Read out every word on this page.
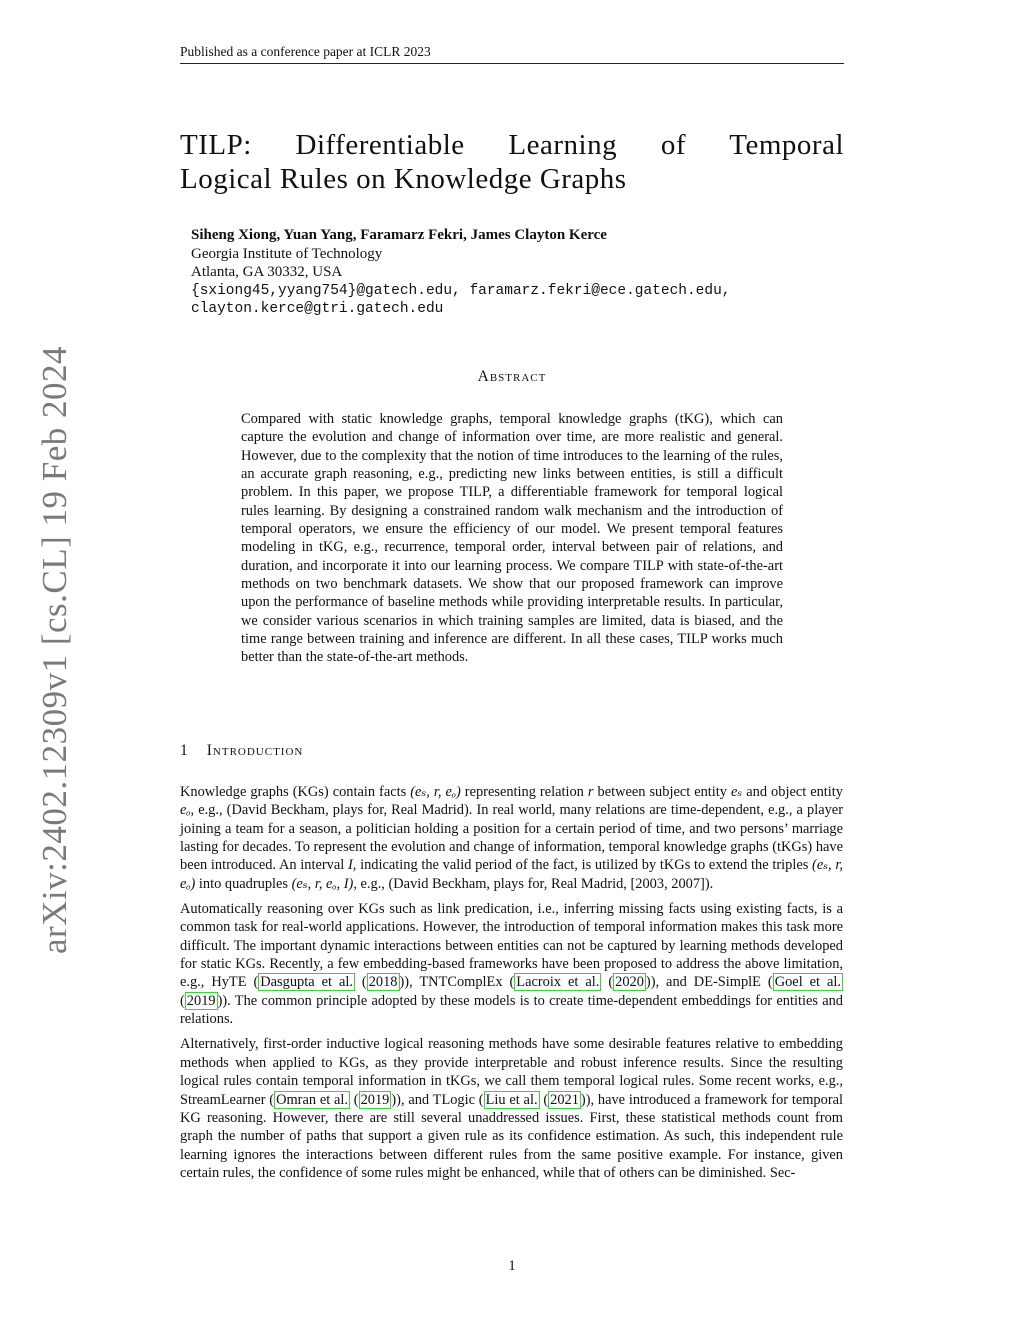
Published as a conference paper at ICLR 2023
arXiv:2402.12309v1 [cs.CL] 19 Feb 2024
TILP: Differentiable Learning of Temporal
Logical Rules on Knowledge Graphs
Siheng Xiong, Yuan Yang, Faramarz Fekri, James Clayton Kerce
Georgia Institute of Technology
Atlanta, GA 30332, USA
{sxiong45,yyang754}@gatech.edu, faramarz.fekri@ece.gatech.edu,
clayton.kerce@gtri.gatech.edu
Abstract
Compared with static knowledge graphs, temporal knowledge graphs (tKG), which can capture the evolution and change of information over time, are more realistic and general. However, due to the complexity that the notion of time introduces to the learning of the rules, an accurate graph reasoning, e.g., predicting new links between entities, is still a difficult problem. In this paper, we propose TILP, a differentiable framework for temporal logical rules learning. By designing a constrained random walk mechanism and the introduction of temporal operators, we ensure the efficiency of our model. We present temporal features modeling in tKG, e.g., recurrence, temporal order, interval between pair of relations, and duration, and incorporate it into our learning process. We compare TILP with state-of-the-art methods on two benchmark datasets. We show that our proposed framework can improve upon the performance of baseline methods while providing interpretable results. In particular, we consider various scenarios in which training samples are limited, data is biased, and the time range between training and inference are different. In all these cases, TILP works much better than the state-of-the-art methods.
1 Introduction

Knowledge graphs (KGs) contain facts (eₛ, r, eₒ) representing relation r between subject entity eₛ and object entity eₒ, e.g., (David Beckham, plays for, Real Madrid). In real world, many relations are time-dependent, e.g., a player joining a team for a season, a politician holding a position for a certain period of time, and two persons’ marriage lasting for decades. To represent the evolution and change of information, temporal knowledge graphs (tKGs) have been introduced. An interval I, indicating the valid period of the fact, is utilized by tKGs to extend the triples (eₛ, r, eₒ) into quadruples (eₛ, r, eₒ, I), e.g., (David Beckham, plays for, Real Madrid, [2003, 2007]).

Automatically reasoning over KGs such as link predication, i.e., inferring missing facts using existing facts, is a common task for real-world applications. However, the introduction of temporal information makes this task more difficult. The important dynamic interactions between entities can not be captured by learning methods developed for static KGs. Recently, a few embedding-based frameworks have been proposed to address the above limitation, e.g., HyTE ( Dasgupta et al. ( 2018 )), TNTComplEx ( Lacroix et al. ( 2020 )), and DE-SimplE ( Goel et al. ( 2019 )). The common principle adopted by these models is to create time-dependent embeddings for entities and relations.

Alternatively, first-order inductive logical reasoning methods have some desirable features relative to embedding methods when applied to KGs, as they provide interpretable and robust inference results. Since the resulting logical rules contain temporal information in tKGs, we call them temporal logical rules. Some recent works, e.g., StreamLearner ( Omran et al. ( 2019 )), and TLogic ( Liu et al. ( 2021 )), have introduced a framework for temporal KG reasoning. However, there are still several unaddressed issues. First, these statistical methods count from graph the number of paths that support a given rule as its confidence estimation. As such, this independent rule learning ignores the interactions between different rules from the same positive example. For instance, given certain rules, the confidence of some rules might be enhanced, while that of others can be diminished. Sec-

1
